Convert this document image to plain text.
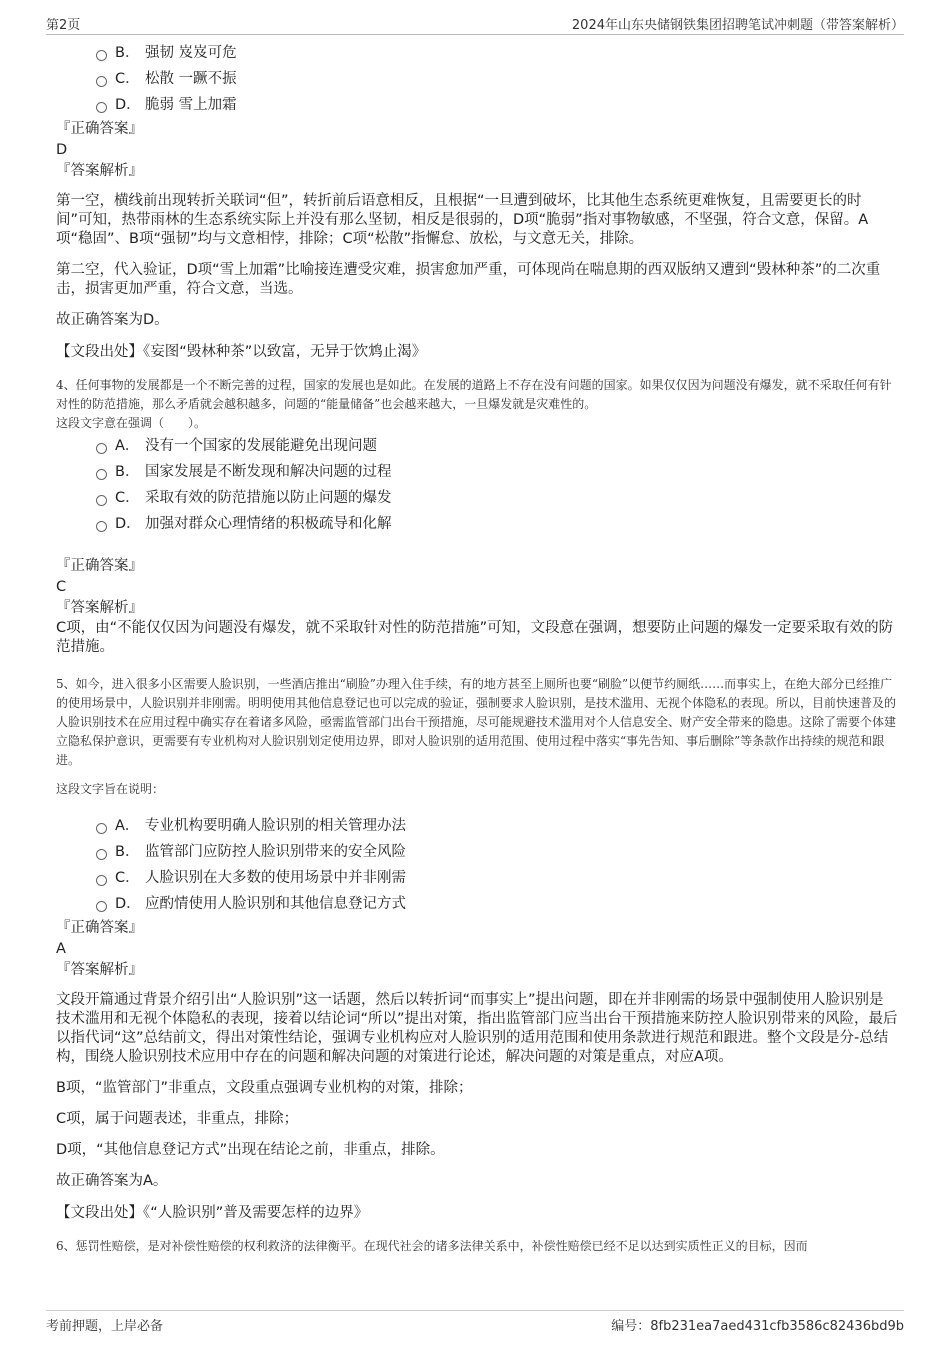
第2页	2024年山东央储钢铁集团招聘笔试冲刺题（带答案解析）
B． 强韧 岌岌可危
C． 松散 一蹶不振
D． 脆弱 雪上加霜
『正确答案』
D
『答案解析』

第一空，横线前出现转折关联词“但”，转折前后语意相反，且根据“一旦遭到破坏，比其他生态系统更难恢复，且需要更长的时间”可知，热带雨林的生态系统实际上并没有那么坚韧，相反是很弱的，D项“脆弱”指对事物敏感，不坚强，符合文意，保留。A项“稳固”、B项“强韧”均与文意相悖，排除；C项“松散”指懈怠、放松，与文意无关，排除。

第二空，代入验证，D项“雪上加霜”比喻接连遭受灾难，损害愈加严重，可体现尚在喘息期的西双版纳又遭到“毁林种茶”的二次重击，损害更加严重，符合文意，当选。

故正确答案为D。

【文段出处】《妄图“毁林种茶”以致富，无异于饮鸩止渴》
4、任何事物的发展都是一个不断完善的过程，国家的发展也是如此。在发展的道路上不存在没有问题的国家。如果仅仅因为问题没有爆发，就不采取任何有针对性的防范措施，那么矛盾就会越积越多，问题的“能量储备”也会越来越大，一旦爆发就是灾难性的。
这段文字意在强调（　　）。
A． 没有一个国家的发展能避免出现问题
B． 国家发展是不断发现和解决问题的过程
C． 采取有效的防范措施以防止问题的爆发
D． 加强对群众心理情绪的积极疏导和化解
『正确答案』
C
『答案解析』

C项，由“不能仅仅因为问题没有爆发，就不采取针对性的防范措施”可知，文段意在强调，想要防止问题的爆发一定要采取有效的防范措施。

5、如今，进入很多小区需要人脸识别，一些酒店推出“刷脸”办理入住手续，有的地方甚至上厕所也要“刷脸”以便节约厕纸……而事实上，在绝大部分已经推广的使用场景中，人脸识别并非刚需。明明使用其他信息登记也可以完成的验证，强制要求人脸识别，是技术滥用、无视个体隐私的表现。所以，目前快速普及的人脸识别技术在应用过程中确实存在着诸多风险，亟需监管部门出台干预措施，尽可能规避技术滥用对个人信息安全、财产安全带来的隐患。这除了需要个体建立隐私保护意识，更需要有专业机构对人脸识别划定使用边界，即对人脸识别的适用范围、使用过程中落实“事先告知、事后删除”等条款作出持续的规范和跟进。
这段文字旨在说明：
A． 专业机构要明确人脸识别的相关管理办法
B． 监管部门应防控人脸识别带来的安全风险
C． 人脸识别在大多数的使用场景中并非刚需
D． 应酌情使用人脸识别和其他信息登记方式
『正确答案』
A
『答案解析』

文段开篇通过背景介绍引出“人脸识别”这一话题，然后以转折词“而事实上”提出问题，即在并非刚需的场景中强制使用人脸识别是技术滥用和无视个体隐私的表现，接着以结论词“所以”提出对策，指出监管部门应当出台干预措施来防控人脸识别带来的风险，最后以指代词“这”总结前文，得出对策性结论，强调专业机构应对人脸识别的适用范围和使用条款进行规范和跟进。整个文段是分-总结构，围绕人脸识别技术应用中存在的问题和解决问题的对策进行论述，解决问题的对策是重点，对应A项。

B项，“监管部门”非重点，文段重点强调专业机构的对策，排除；

C项，属于问题表述，非重点，排除；

D项，“其他信息登记方式”出现在结论之前，非重点，排除。

故正确答案为A。

【文段出处】《“人脸识别”普及需要怎样的边界》
6、惩罚性赔偿，是对补偿性赔偿的权利救济的法律衡平。在现代社会的诸多法律关系中，补偿性赔偿已经不足以达到实质性正义的目标，因而
考前押题，上岸必备	编号：8fb231ea7aed431cfb3586c82436bd9b
